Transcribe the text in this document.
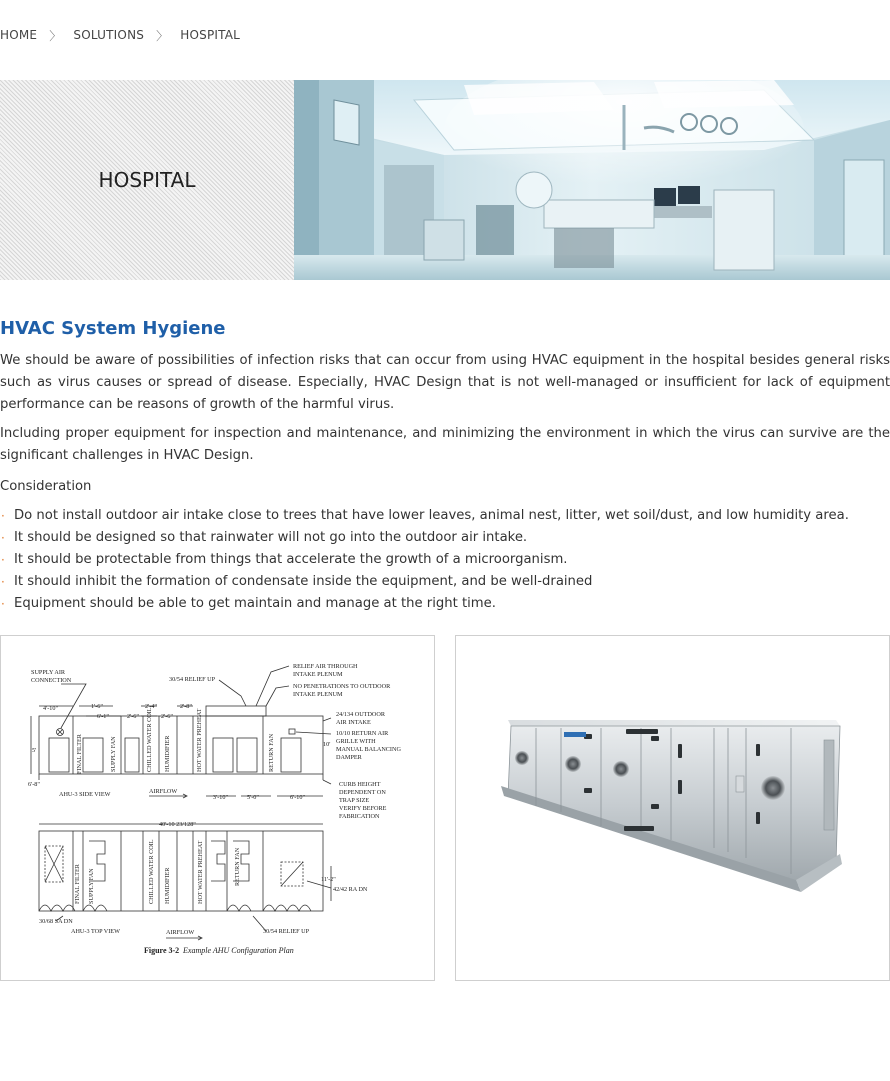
HOME 〉 SOLUTIONS 〉 HOSPITAL
HOSPITAL
HVAC System Hygiene

We should be aware of possibilities of infection risks that can occur from using HVAC equipment in the hospital besides general risks such as virus causes or spread of disease. Especially, HVAC Design that is not well-managed or insufficient for lack of equipment performance can be reasons of growth of the harmful virus.

Including proper equipment for inspection and maintenance, and minimizing the environment in which the virus can survive are the significant challenges in HVAC Design.

Consideration
· Do not install outdoor air intake close to trees that have lower leaves, animal nest, litter, wet soil/dust, and low humidity area.
· It should be designed so that rainwater will not go into the outdoor air intake.
· It should be protectable from things that accelerate the growth of a microorganism.
· It should inhibit the formation of condensate inside the equipment, and be well-drained
· Equipment should be able to get maintain and manage at the right time.
SUPPLY AIR
CONNECTION	30/54 RELIEF UP
RELIEF AIR THROUGH
INTAKE PLENUM
NO PENETRATIONS TO OUTDOOR
INTAKE PLENUM
24/134 OUTDOOR
AIR INTAKE
10/10 RETURN AIR
GRILLE WITH
MANUAL BALANCING
DAMPER
CURB HEIGHT
DEPENDENT ON
TRAP SIZE
VERIFY BEFORE
FABRICATION
4'-10"	1'-6"
6'-1"	2'-6"
2'-4"
2'-6"
2'-8"
3'-10"	5'-0"	6'-10"
10'
5'
6'-8"
40'-10 23/128"
11'-2"
AHU-3 SIDE VIEW	AIRFLOW
AHU-3 TOP VIEW	AIRFLOW
30/68 SA DN
42/42 RA DN
30/54 RELIEF UP
FINAL FILTER	SUPPLY FAN	CHILLED WATER COIL HUMIDIFIER	HOT WATER PREHEAT	RETURN FAN
FINAL FILTER SUPPLY FAN	CHILLED WATER COIL HUMIDIFIER	HOT WATER PREHEAT	RETURN FAN
Figure 3-2 Example AHU Configuration Plan
